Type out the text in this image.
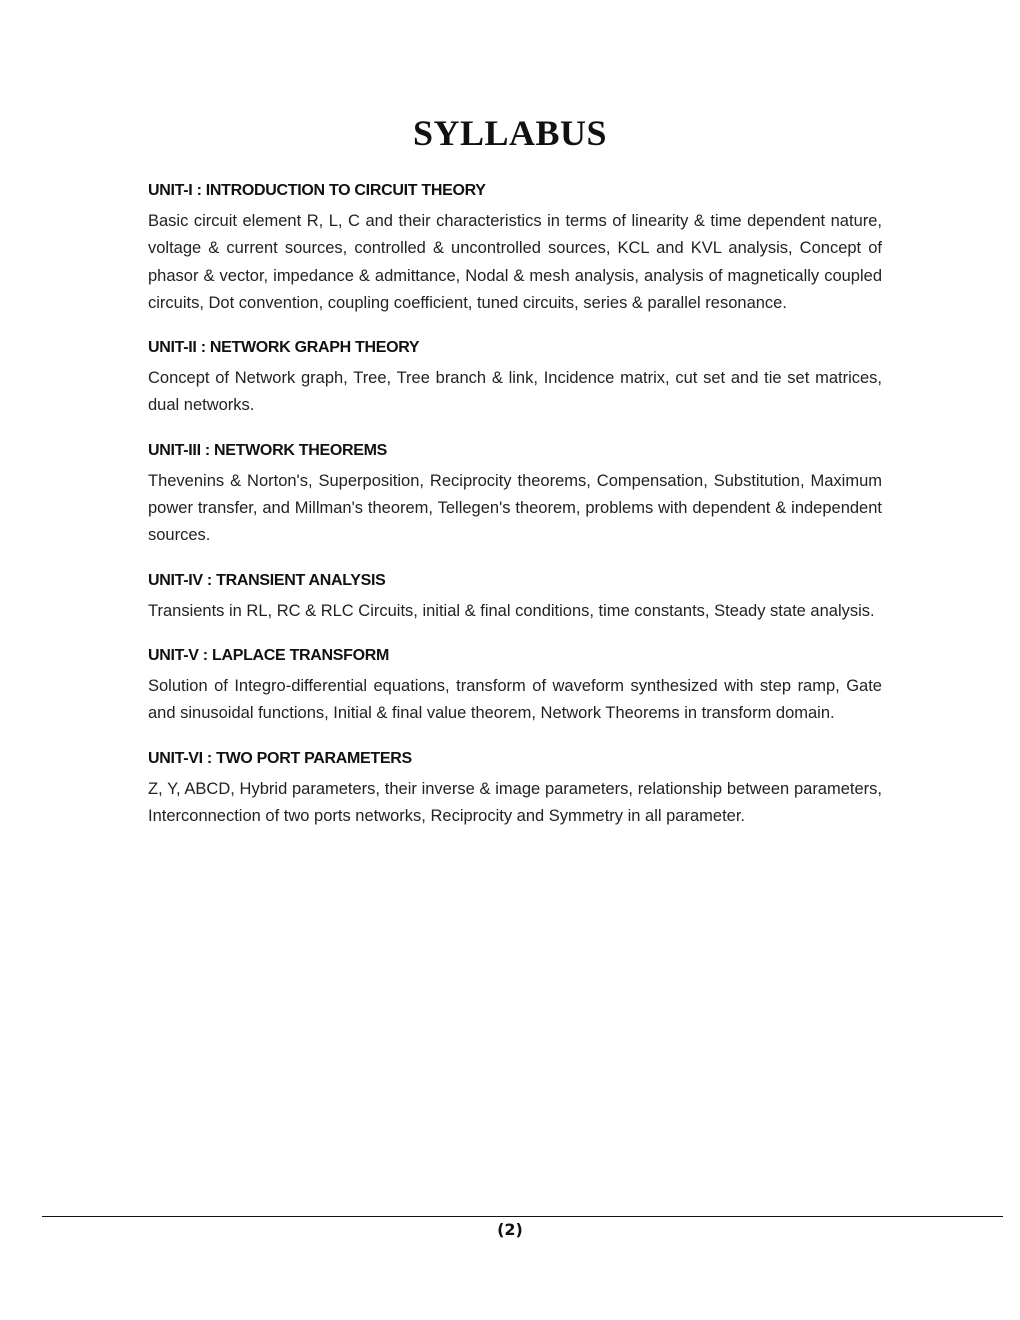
SYLLABUS
UNIT-I : INTRODUCTION TO CIRCUIT THEORY

Basic circuit element R, L, C and their characteristics in terms of linearity & time dependent nature, voltage & current sources, controlled & uncontrolled sources, KCL and KVL analysis, Concept of phasor & vector, impedance & admittance, Nodal & mesh analysis, analysis of magnetically coupled circuits, Dot convention, coupling coefficient, tuned circuits, series & parallel resonance.

UNIT-II : NETWORK GRAPH THEORY

Concept of Network graph, Tree, Tree branch & link, Incidence matrix, cut set and tie set matrices, dual networks.

UNIT-III : NETWORK THEOREMS

Thevenins & Norton's, Superposition, Reciprocity theorems, Compensation, Substitution, Maximum power transfer, and Millman's theorem, Tellegen's theorem, problems with dependent & independent sources.

UNIT-IV : TRANSIENT ANALYSIS

Transients in RL, RC & RLC Circuits, initial & final conditions, time constants, Steady state analysis.

UNIT-V : LAPLACE TRANSFORM

Solution of Integro-differential equations, transform of waveform synthesized with step ramp, Gate and sinusoidal functions, Initial & final value theorem, Network Theorems in transform domain.

UNIT-VI : TWO PORT PARAMETERS

Z, Y, ABCD, Hybrid parameters, their inverse & image parameters, relationship between parameters, Interconnection of two ports networks, Reciprocity and Symmetry in all parameter.

(2)
